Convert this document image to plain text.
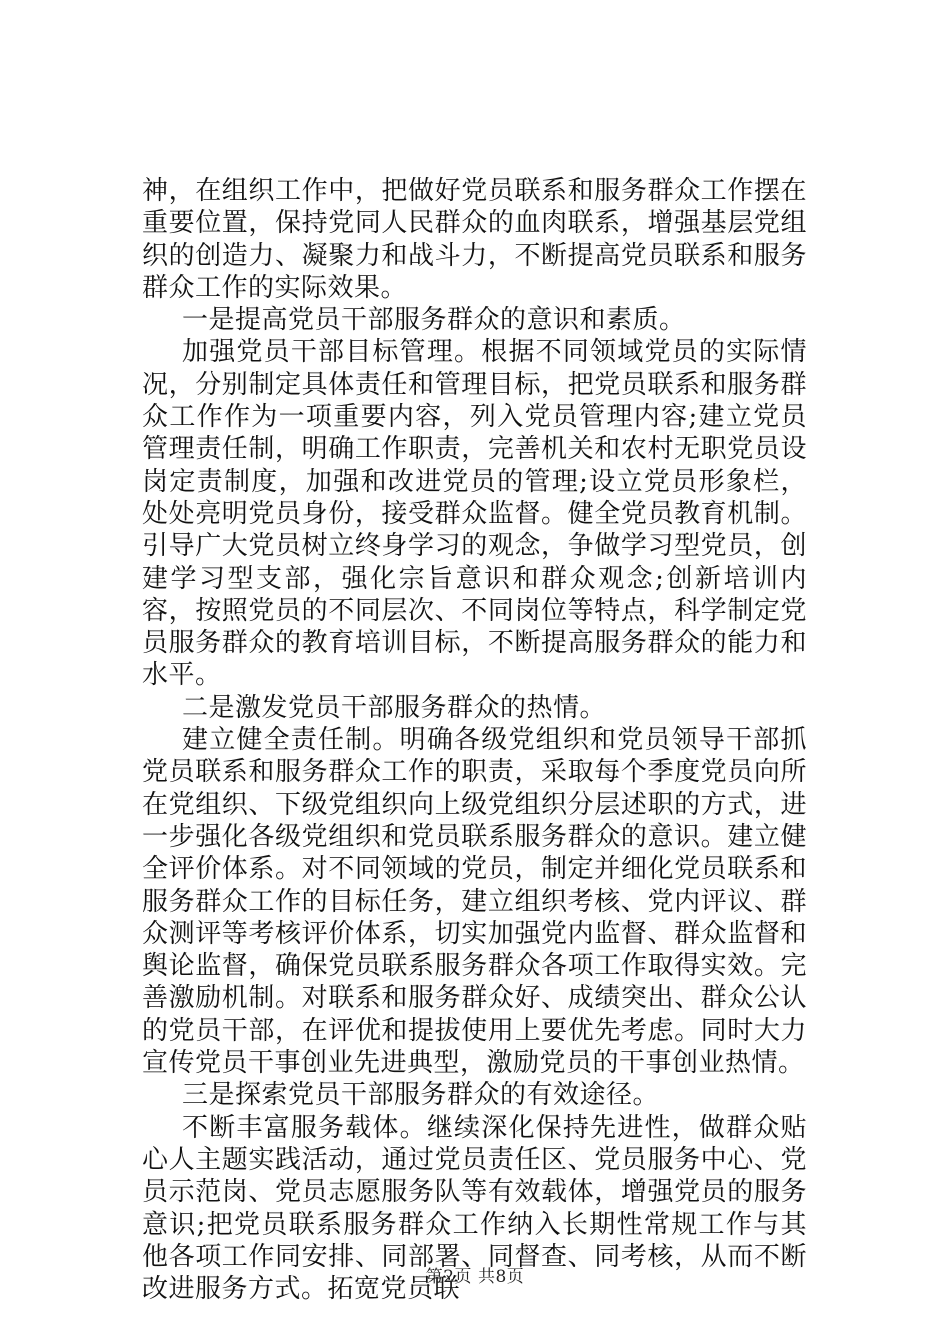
神，在组织工作中，把做好党员联系和服务群众工作摆在重要位置，保持党同人民群众的血肉联系，增强基层党组织的创造力、凝聚力和战斗力，不断提高党员联系和服务群众工作的实际效果。

一是提高党员干部服务群众的意识和素质。

加强党员干部目标管理。根据不同领域党员的实际情况，分别制定具体责任和管理目标，把党员联系和服务群众工作作为一项重要内容，列入党员管理内容;建立党员管理责任制，明确工作职责，完善机关和农村无职党员设岗定责制度，加强和改进党员的管理;设立党员形象栏，处处亮明党员身份，接受群众监督。健全党员教育机制。引导广大党员树立终身学习的观念，争做学习型党员，创建学习型支部，强化宗旨意识和群众观念;创新培训内容，按照党员的不同层次、不同岗位等特点，科学制定党员服务群众的教育培训目标，不断提高服务群众的能力和水平。

二是激发党员干部服务群众的热情。

建立健全责任制。明确各级党组织和党员领导干部抓党员联系和服务群众工作的职责，采取每个季度党员向所在党组织、下级党组织向上级党组织分层述职的方式，进一步强化各级党组织和党员联系服务群众的意识。建立健全评价体系。对不同领域的党员，制定并细化党员联系和服务群众工作的目标任务，建立组织考核、党内评议、群众测评等考核评价体系，切实加强党内监督、群众监督和舆论监督，确保党员联系服务群众各项工作取得实效。完善激励机制。对联系和服务群众好、成绩突出、群众公认的党员干部，在评优和提拔使用上要优先考虑。同时大力宣传党员干事创业先进典型，激励党员的干事创业热情。

三是探索党员干部服务群众的有效途径。

不断丰富服务载体。继续深化保持先进性，做群众贴心人主题实践活动，通过党员责任区、党员服务中心、党员示范岗、党员志愿服务队等有效载体，增强党员的服务意识;把党员联系服务群众工作纳入长期性常规工作与其他各项工作同安排、同部署、同督查、同考核，从而不断改进服务方式。拓宽党员联

第2页 共8页
